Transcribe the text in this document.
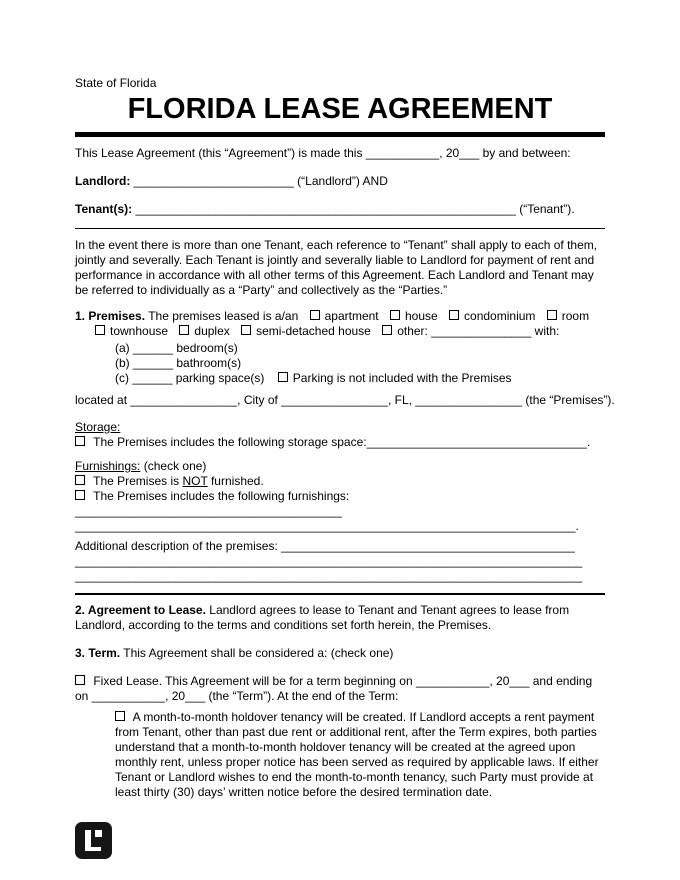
State of Florida
FLORIDA LEASE AGREEMENT

This Lease Agreement (this “Agreement”) is made this ___________, 20___ by and between:

Landlord: ________________________ (“Landlord”) AND

Tenant(s): _________________________________________________________ (“Tenant”).

In the event there is more than one Tenant, each reference to “Tenant” shall apply to each of them, jointly and severally. Each Tenant is jointly and severally liable to Landlord for payment of rent and performance in accordance with all other terms of this Agreement. Each Landlord and Tenant may be referred to individually as a “Party” and collectively as the “Parties.”

1. Premises. The premises leased is a/an apartment house condominium room
townhouse duplex semi-detached house other: _______________ with:
(a) ______ bedroom(s)
(b) ______ bathroom(s)
(c) ______ parking space(s) Parking is not included with the Premises

located at ________________, City of ________________, FL, ________________ (the “Premises”).

Storage:
The Premises includes the following storage space:_________________________________.
Furnishings: (check one)
The Premises is NOT furnished.
The Premises includes the following furnishings:
________________________________________
___________________________________________________________________________.
Additional description of the premises: ____________________________________________
____________________________________________________________________________
____________________________________________________________________________

2. Agreement to Lease. Landlord agrees to lease to Tenant and Tenant agrees to lease from Landlord, according to the terms and conditions set forth herein, the Premises.

3. Term. This Agreement shall be considered a: (check one)

Fixed Lease. This Agreement will be for a term beginning on ___________, 20___ and ending on ___________, 20___ (the “Term”). At the end of the Term:

A month-to-month holdover tenancy will be created. If Landlord accepts a rent payment from Tenant, other than past due rent or additional rent, after the Term expires, both parties understand that a month-to-month holdover tenancy will be created at the agreed upon monthly rent, unless proper notice has been served as required by applicable laws. If either Tenant or Landlord wishes to end the month-to-month tenancy, such Party must provide at least thirty (30) days’ written notice before the desired termination date.
